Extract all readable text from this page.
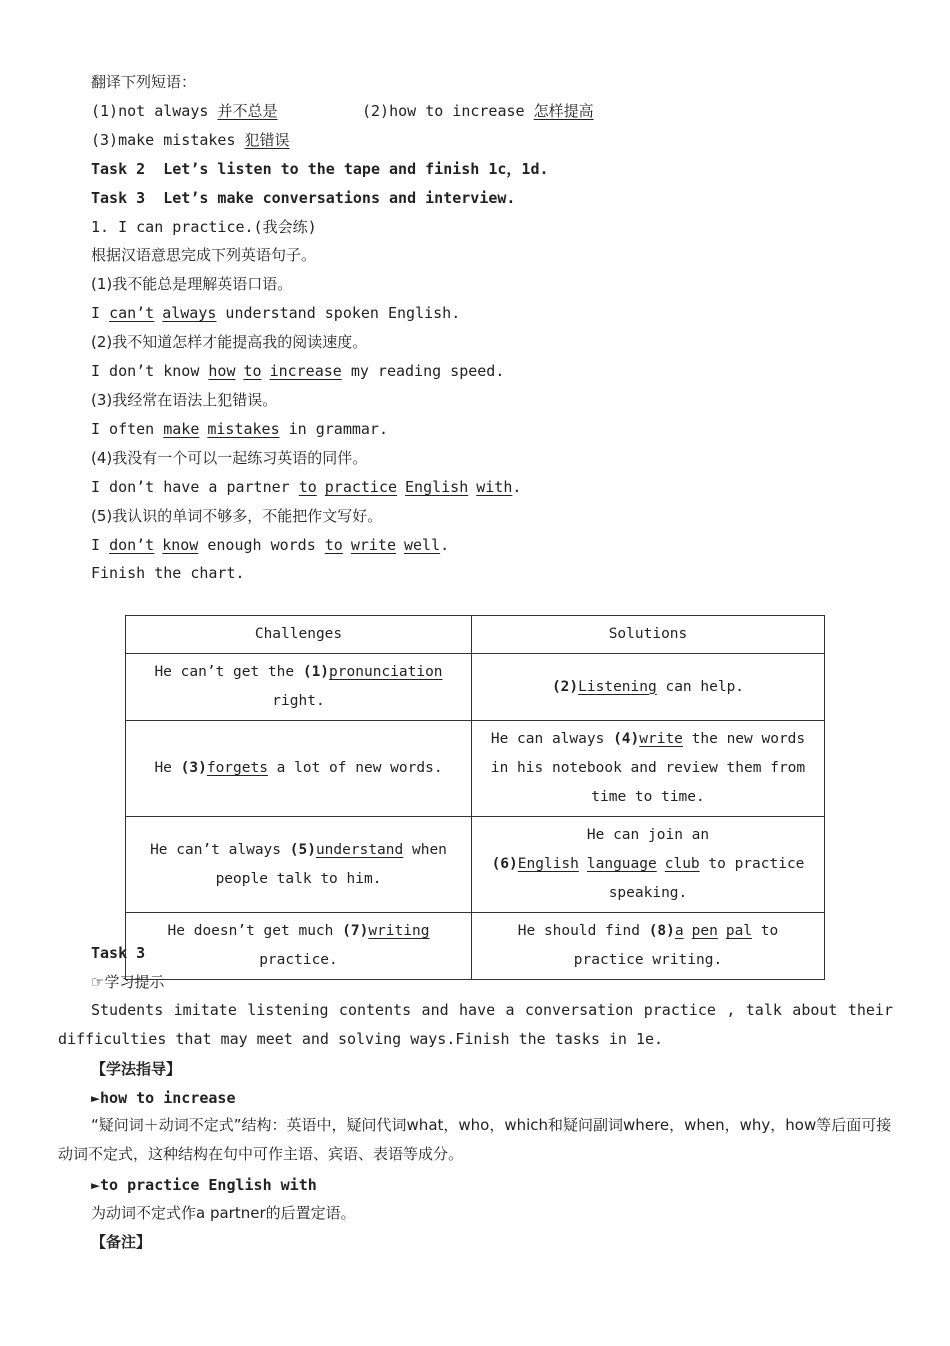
翻译下列短语：
(1)not always 并不总是	(2)how to increase 怎样提高
(3)make mistakes 犯错误
Task 2  Let’s listen to the tape and finish 1c，1d.
Task 3  Let’s make conversations and interview.
1. I can practice.(我会练)
根据汉语意思完成下列英语句子。
(1)我不能总是理解英语口语。
I can’t always understand spoken English.
(2)我不知道怎样才能提高我的阅读速度。
I don’t know how to increase my reading speed.
(3)我经常在语法上犯错误。
I often make mistakes in grammar.
(4)我没有一个可以一起练习英语的同伴。
I don’t have a partner to practice English with.
(5)我认识的单词不够多，不能把作文写好。
I don’t know enough words to write well.
Finish the chart.
Challenges	Solutions
He can’t get the (1)pronunciation right.	(2)Listening can help.
He (3)forgets a lot of new words.	He can always (4)write the new words in his notebook and review them from time to time.
He can’t always (5)understand when people talk to him.	He can join an
(6)English language club to practice speaking.
He doesn’t get much (7)writing practice.	He should find (8)a pen pal to practice writing.
Task 3
☞学习提示
Students imitate listening contents and have a conversation practice , talk about their difficulties that may meet and solving ways.Finish the tasks in 1e.
【学法指导】
►how to increase
“疑问词＋动词不定式”结构：英语中，疑问代词what，who，which和疑问副词where，when，why，how等后面可接动词不定式，这种结构在句中可作主语、宾语、表语等成分。
►to practice English with
为动词不定式作a partner的后置定语。
【备注】
